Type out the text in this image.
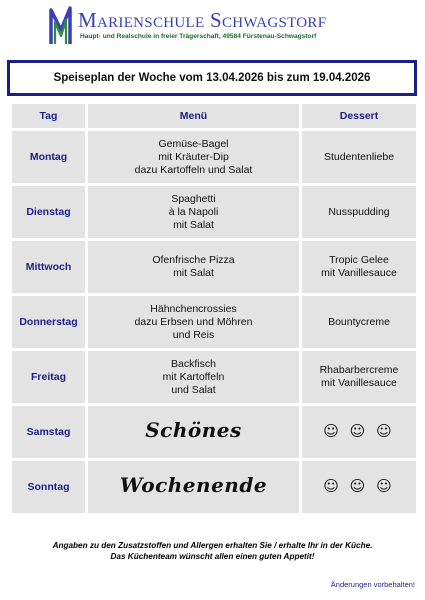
Marienschule Schwagstorf
Haupt- und Realschule in freier Trägerschaft, 49584 Fürstenau-Schwagstorf
Speiseplan der Woche vom 13.04.2026 bis zum 19.04.2026
Tag	Menü	Dessert
Montag	Gemüse-Bagel
mit Kräuter-Dip
dazu Kartoffeln und Salat	Studentenliebe

Dienstag	Spaghetti
à la Napoli
mit Salat	Nusspudding

Mittwoch	Ofenfrische Pizza
mit Salat	Tropic Gelee
mit Vanillesauce

Donnerstag	Hähnchencrossies
dazu Erbsen und Möhren
und Reis	Bountycreme

Freitag	Backfisch
mit Kartoffeln
und Salat	Rhabarbercreme
mit Vanillesauce

Samstag	Schönes	☺ ☺ ☺
Sonntag	Wochenende	☺ ☺ ☺
Angaben zu den Zusatzstoffen und Allergen erhalten Sie / erhalte Ihr in der Küche.
Das Küchenteam wünscht allen einen guten Appetit!
Änderungen vorbehalten!
